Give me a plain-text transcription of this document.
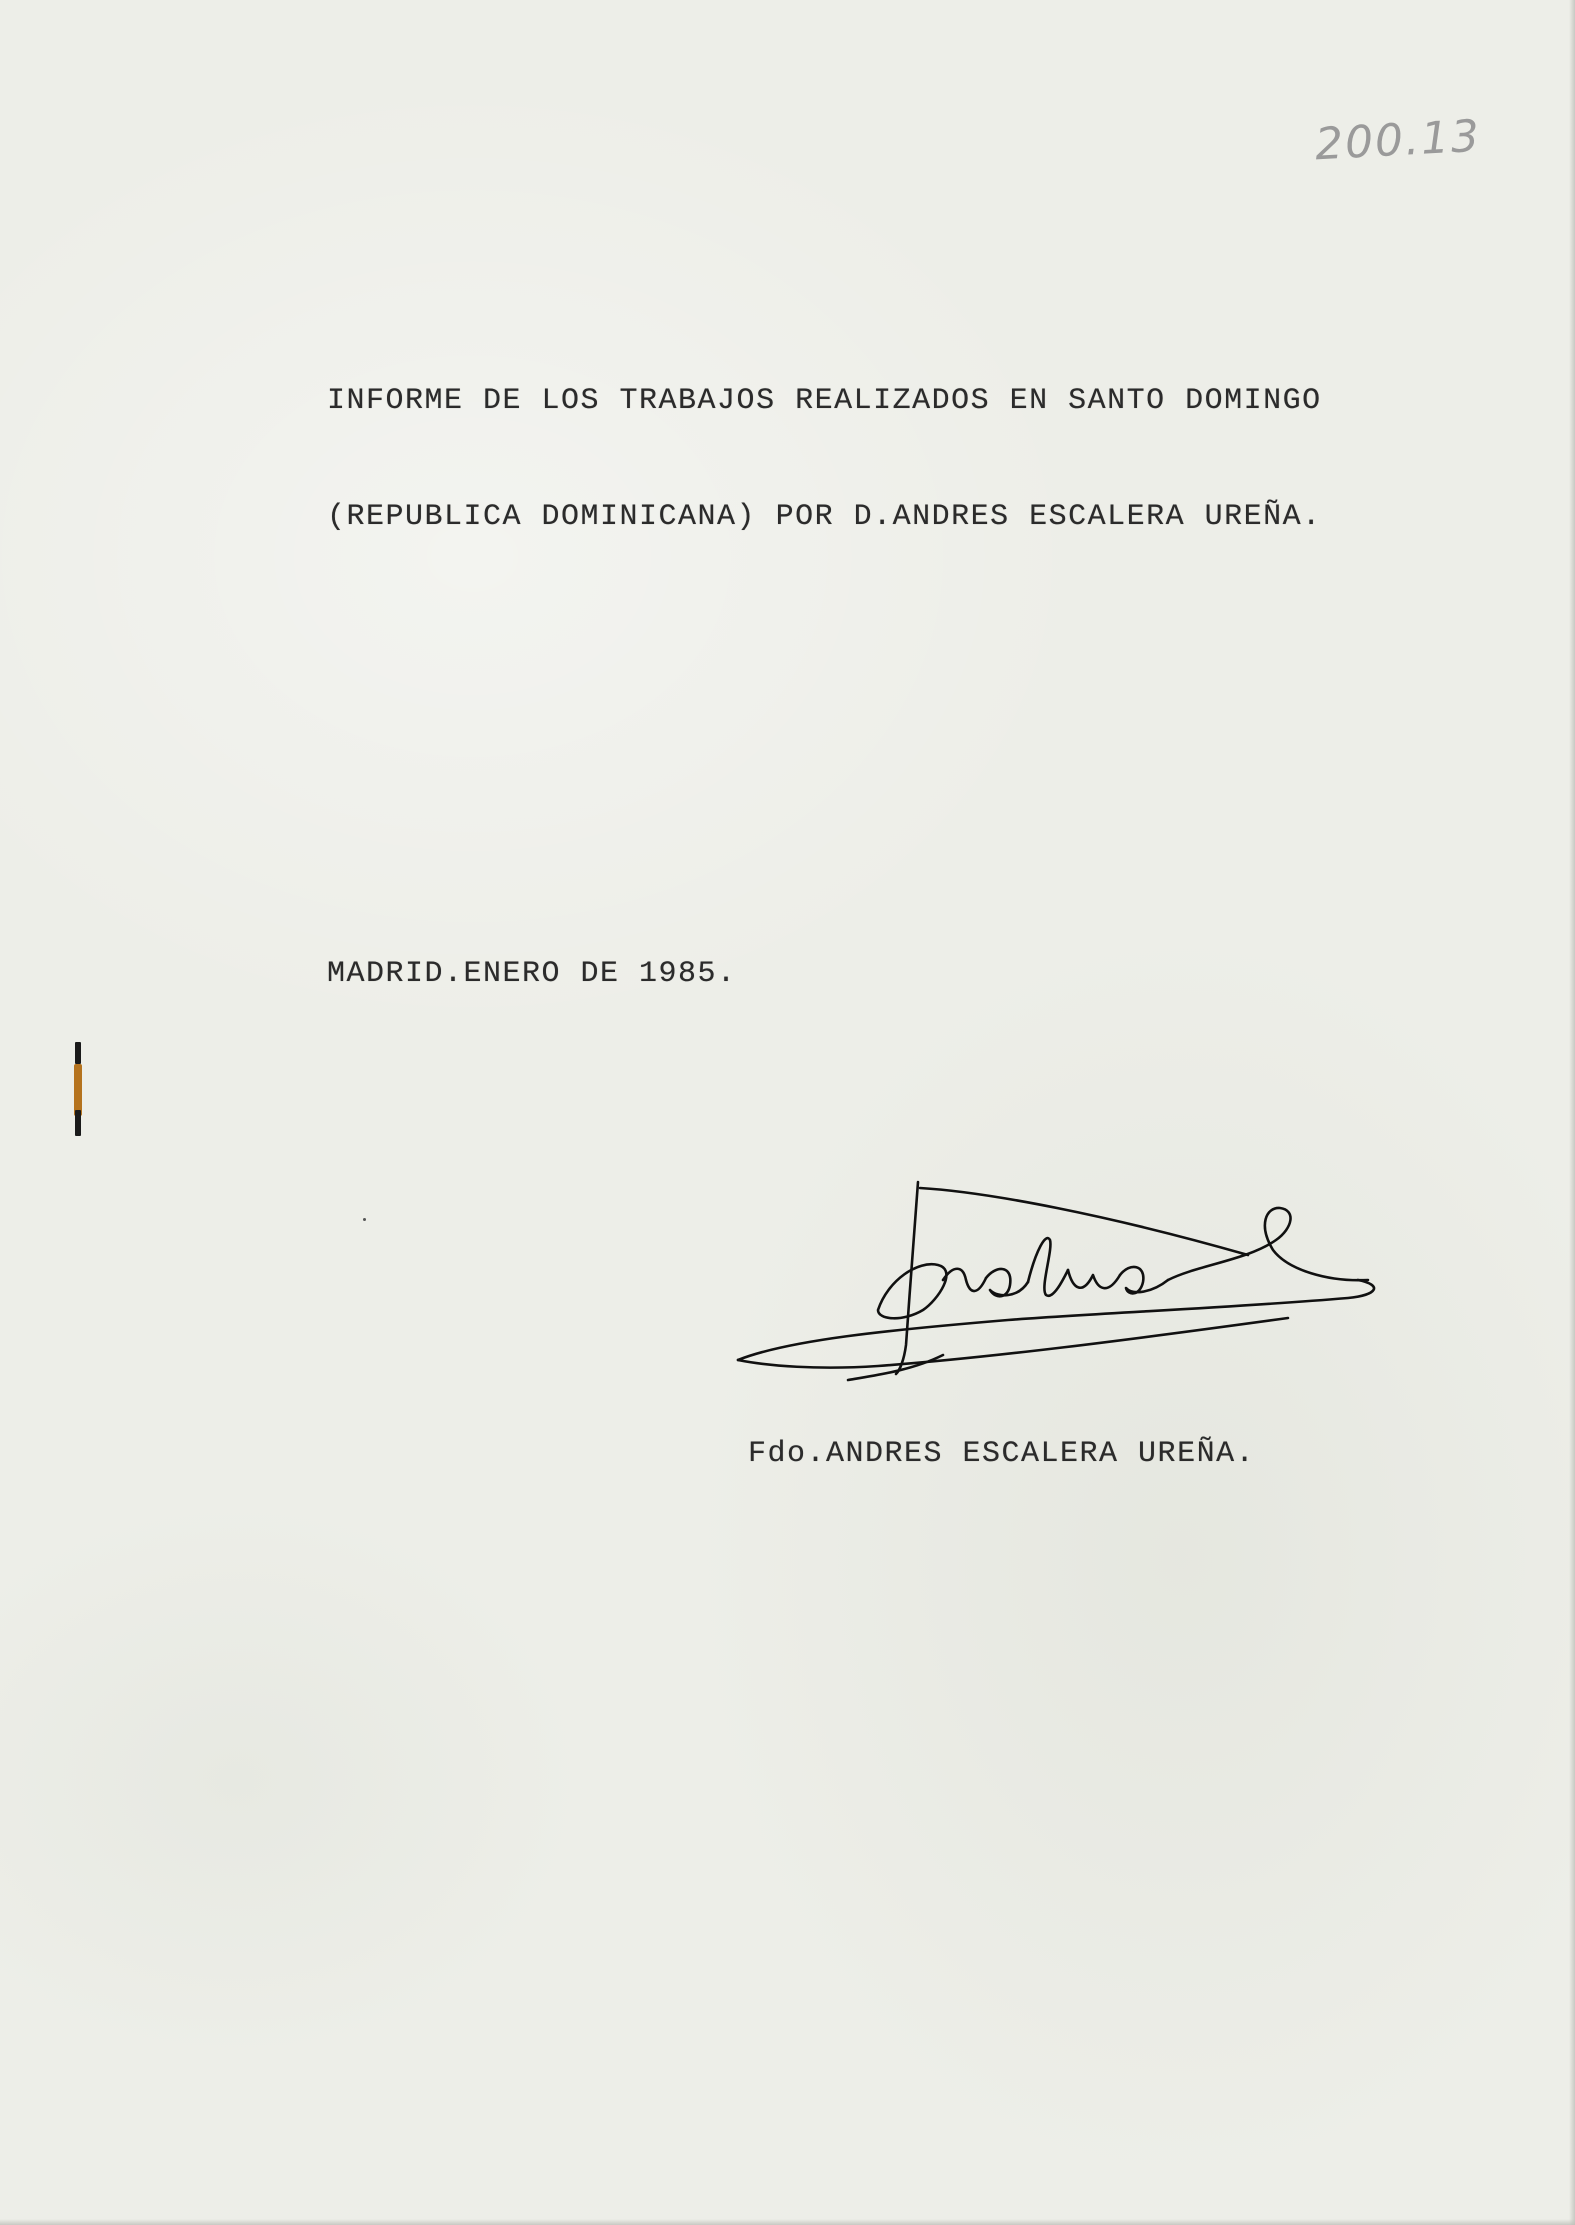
200.13
INFORME DE LOS TRABAJOS REALIZADOS EN SANTO DOMINGO
(REPUBLICA DOMINICANA) POR D.ANDRES ESCALERA UREÑA.
MADRID.ENERO DE 1985.
Fdo.ANDRES ESCALERA UREÑA.
